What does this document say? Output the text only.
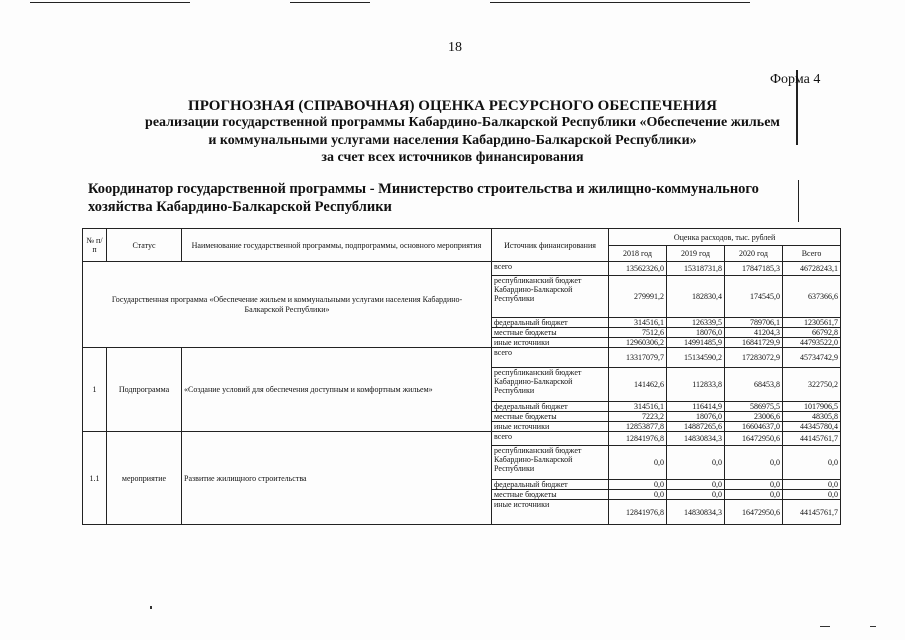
18
Форма 4
ПРОГНОЗНАЯ (СПРАВОЧНАЯ) ОЦЕНКА РЕСУРСНОГО ОБЕСПЕЧЕНИЯ
реализации государственной программы Кабардино-Балкарской Республики «Обеспечение жильем
и коммунальными услугами населения Кабардино-Балкарской Республики»
за счет всех источников финансирования
Координатор государственной программы - Министерство строительства и жилищно-коммунального хозяйства Кабардино-Балкарской Республики
№ п/п	Статус	Наименование государственной программы, подпрограммы, основного мероприятия	Источник финансирования	Оценка расходов, тыс. рублей			
				2018 год	2019 год	2020 год	Всего
Государственная программа «Обеспечение жильем и коммунальными услугами населения Кабардино-Балкарской Республики»			всего	13562326,0	15318731,8	17847185,3	46728243,1
			республиканский бюджет Кабардино-Балкарской Республики	279991,2	182830,4	174545,0	637366,6
			федеральный бюджет	314516,1	126339,5	789706,1	1230561,7
			местные бюджеты	7512,6	18076,0	41204,3	66792,8
			иные источники	12960306,2	14991485,9	16841729,9	44793522,0
1	Подпрограмма	«Создание условий для обеспечения доступным и комфортным жильем»	всего	13317079,7	15134590,2	17283072,9	45734742,9
			республиканский бюджет Кабардино-Балкарской Республики	141462,6	112833,8	68453,8	322750,2
			федеральный бюджет	314516,1	116414,9	586975,5	1017906,5
			местные бюджеты	7223,2	18076,0	23006,6	48305,8
			иные источники	12853877,8	14887265,6	16604637,0	44345780,4
1.1	мероприятие	Развитие жилищного строительства	всего	12841976,8	14830834,3	16472950,6	44145761,7
			республиканский бюджет Кабардино-Балкарской Республики	0,0	0,0	0,0	0,0
			федеральный бюджет	0,0	0,0	0,0	0,0
			местные бюджеты	0,0	0,0	0,0	0,0
			иные источники	12841976,8	14830834,3	16472950,6	44145761,7
